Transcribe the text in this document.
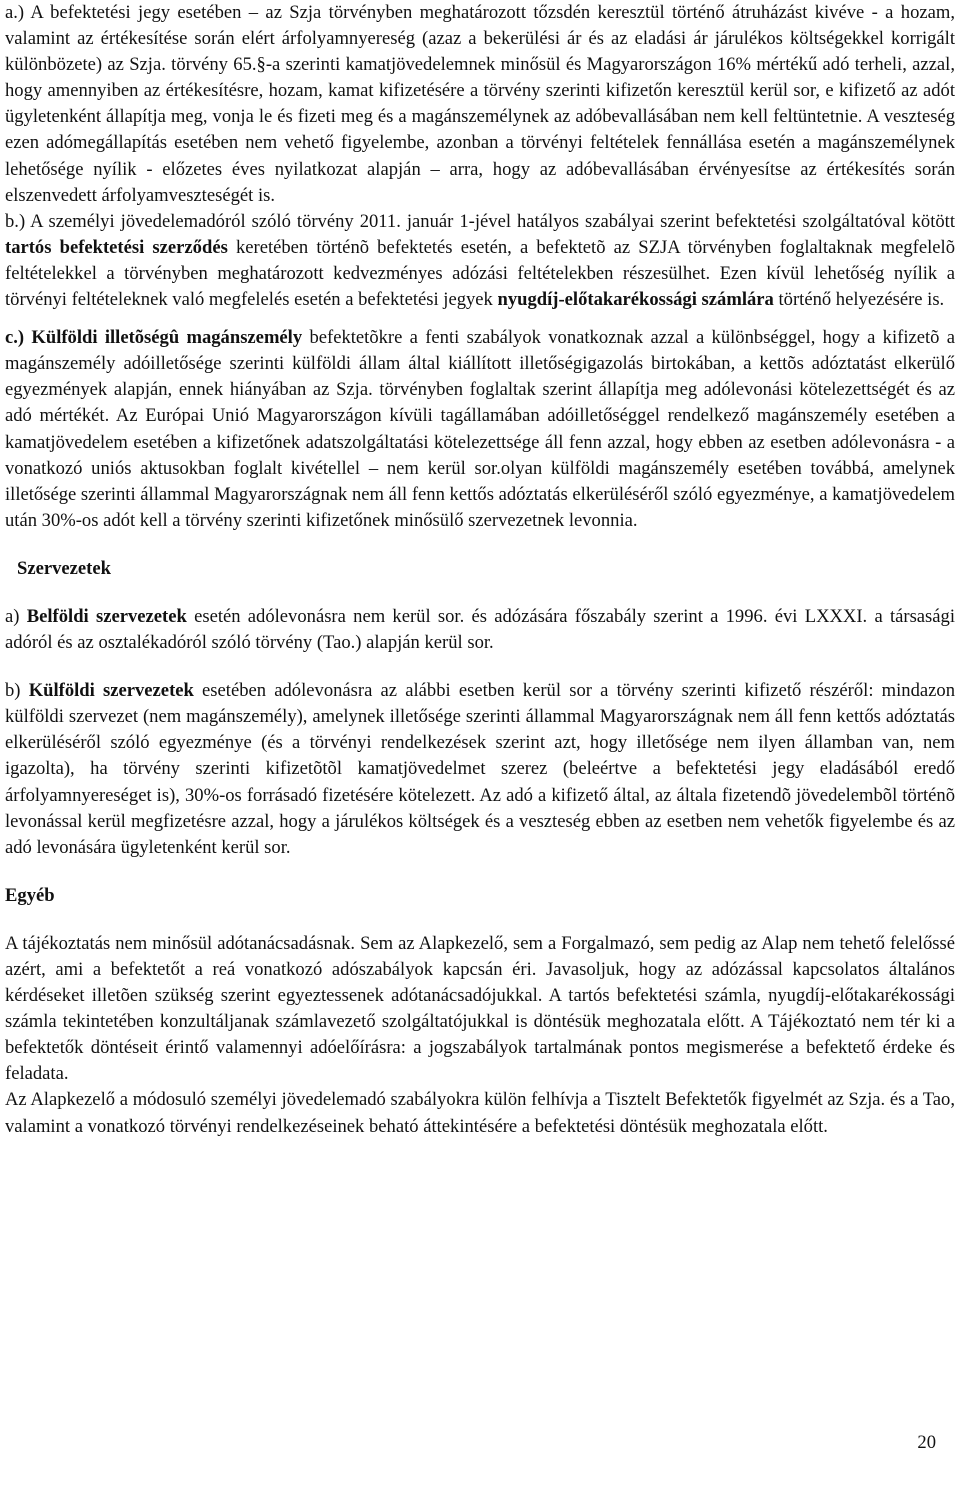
a.) A befektetési jegy esetében – az Szja törvényben meghatározott tőzsdén keresztül történő átruházást kivéve - a hozam, valamint az értékesítése során elért árfolyamnyereség (azaz a bekerülési ár és az eladási ár járulékos költségekkel korrigált különbözete) az Szja. törvény 65.§-a szerinti kamatjövedelemnek minősül és Magyarországon 16% mértékű adó terheli, azzal, hogy amennyiben az értékesítésre, hozam, kamat kifizetésére a törvény szerinti kifizetőn keresztül kerül sor, e kifizető az adót ügyletenként állapítja meg, vonja le és fizeti meg és a magánszemélynek az adóbevallásában nem kell feltüntetnie. A veszteség ezen adómegállapítás esetében nem vehető figyelembe, azonban a törvényi feltételek fennállása esetén a magánszemélynek lehetősége nyílik - előzetes éves nyilatkozat alapján – arra, hogy az adóbevallásában érvényesítse az értékesítés során elszenvedett árfolyamveszteségét is.

b.) A személyi jövedelemadóról szóló törvény 2011. január 1-jével hatályos szabályai szerint befektetési szolgáltatóval kötött tartós befektetési szerződés keretében történõ befektetés esetén, a befektetõ az SZJA törvényben foglaltaknak megfelelõ feltételekkel a törvényben meghatározott kedvezményes adózási feltételekben részesülhet. Ezen kívül lehetőség nyílik a törvényi feltételeknek való megfelelés esetén a befektetési jegyek nyugdíj-előtakarékossági számlára történő helyezésére is.

c.) Külföldi illetõségû magánszemély befektetõkre a fenti szabályok vonatkoznak azzal a különbséggel, hogy a kifizetõ a magánszemély adóilletősége szerinti külföldi állam által kiállított illetőségigazolás birtokában, a kettõs adóztatást elkerülő egyezmények alapján, ennek hiányában az Szja. törvényben foglaltak szerint állapítja meg adólevonási kötelezettségét és az adó mértékét. Az Európai Unió Magyarországon kívüli tagállamában adóilletőséggel rendelkező magánszemély esetében a kamatjövedelem esetében a kifizetőnek adatszolgáltatási kötelezettsége áll fenn azzal, hogy ebben az esetben adólevonásra - a vonatkozó uniós aktusokban foglalt kivétellel – nem kerül sor.olyan külföldi magánszemély esetében továbbá, amelynek illetősége szerinti állammal Magyarországnak nem áll fenn kettős adóztatás elkerüléséről szóló egyezménye, a kamatjövedelem után 30%-os adót kell a törvény szerinti kifizetőnek minősülő szervezetnek levonnia.

Szervezetek

a) Belföldi szervezetek esetén adólevonásra nem kerül sor. és adózására főszabály szerint a 1996. évi LXXXI. a társasági adóról és az osztalékadóról szóló törvény (Tao.) alapján kerül sor.

b) Külföldi szervezetek esetében adólevonásra az alábbi esetben kerül sor a törvény szerinti kifizető részéről: mindazon külföldi szervezet (nem magánszemély), amelynek illetősége szerinti állammal Magyarországnak nem áll fenn kettős adóztatás elkerüléséről szóló egyezménye (és a törvényi rendelkezések szerint azt, hogy illetősége nem ilyen államban van, nem igazolta), ha törvény szerinti kifizetõtõl kamatjövedelmet szerez (beleértve a befektetési jegy eladásából eredő árfolyamnyereséget is), 30%-os forrásadó fizetésére kötelezett. Az adó a kifizető által, az általa fizetendõ jövedelembõl történõ levonással kerül megfizetésre azzal, hogy a járulékos költségek és a veszteség ebben az esetben nem vehetők figyelembe és az adó levonására ügyletenként kerül sor.

Egyéb

A tájékoztatás nem minősül adótanácsadásnak. Sem az Alapkezelő, sem a Forgalmazó, sem pedig az Alap nem tehető felelőssé azért, ami a befektetőt a reá vonatkozó adószabályok kapcsán éri. Javasoljuk, hogy az adózással kapcsolatos általános kérdéseket illetõen szükség szerint egyeztessenek adótanácsadójukkal. A tartós befektetési számla, nyugdíj-előtakarékossági számla tekintetében konzultáljanak számlavezető szolgáltatójukkal is döntésük meghozatala előtt. A Tájékoztató nem tér ki a befektetők döntéseit érintő valamennyi adóelőírásra: a jogszabályok tartalmának pontos megismerése a befektető érdeke és feladata.

Az Alapkezelő a módosuló személyi jövedelemadó szabályokra külön felhívja a Tisztelt Befektetők figyelmét az Szja. és a Tao, valamint a vonatkozó törvényi rendelkezéseinek beható áttekintésére a befektetési döntésük meghozatala előtt.

20
